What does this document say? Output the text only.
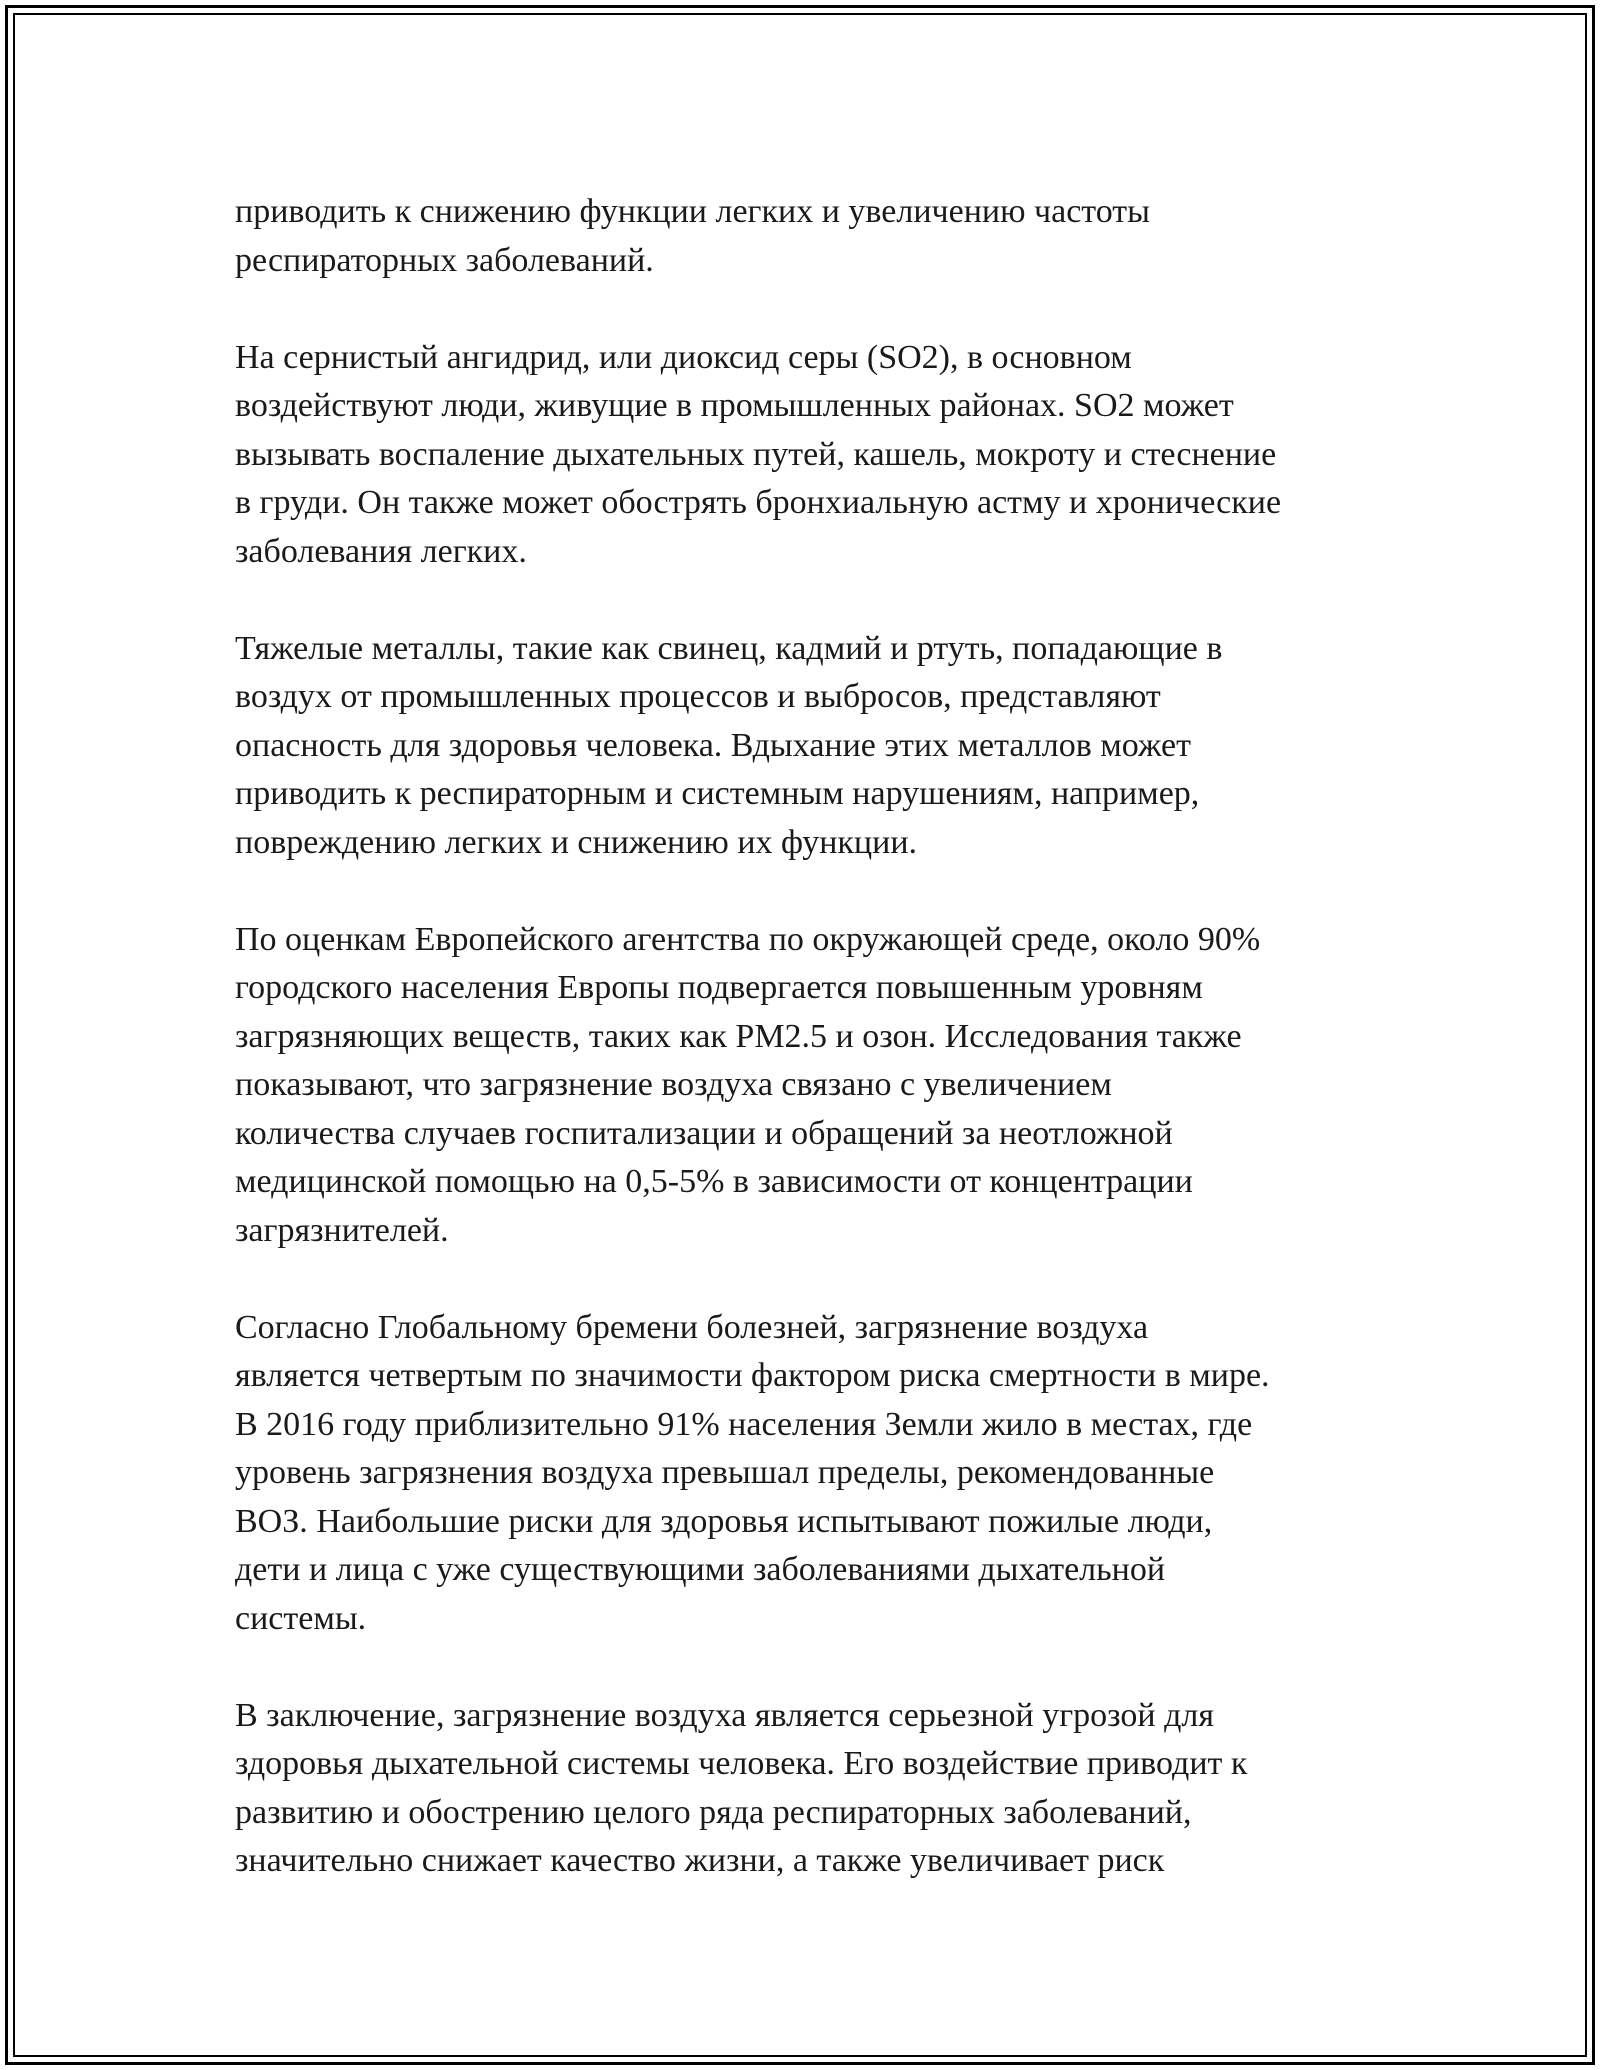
приводить к снижению функции легких и увеличению частоты
респираторных заболеваний.

На сернистый ангидрид, или диоксид серы (SO2), в основном
воздействуют люди, живущие в промышленных районах. SO2 может
вызывать воспаление дыхательных путей, кашель, мокроту и стеснение
в груди. Он также может обострять бронхиальную астму и хронические
заболевания легких.

Тяжелые металлы, такие как свинец, кадмий и ртуть, попадающие в
воздух от промышленных процессов и выбросов, представляют
опасность для здоровья человека. Вдыхание этих металлов может
приводить к респираторным и системным нарушениям, например,
повреждению легких и снижению их функции.

По оценкам Европейского агентства по окружающей среде, около 90%
городского населения Европы подвергается повышенным уровням
загрязняющих веществ, таких как PM2.5 и озон. Исследования также
показывают, что загрязнение воздуха связано с увеличением
количества случаев госпитализации и обращений за неотложной
медицинской помощью на 0,5-5% в зависимости от концентрации
загрязнителей.

Согласно Глобальному бремени болезней, загрязнение воздуха
является четвертым по значимости фактором риска смертности в мире.
В 2016 году приблизительно 91% населения Земли жило в местах, где
уровень загрязнения воздуха превышал пределы, рекомендованные
ВОЗ. Наибольшие риски для здоровья испытывают пожилые люди,
дети и лица с уже существующими заболеваниями дыхательной
системы.

В заключение, загрязнение воздуха является серьезной угрозой для
здоровья дыхательной системы человека. Его воздействие приводит к
развитию и обострению целого ряда респираторных заболеваний,
значительно снижает качество жизни, а также увеличивает риск
